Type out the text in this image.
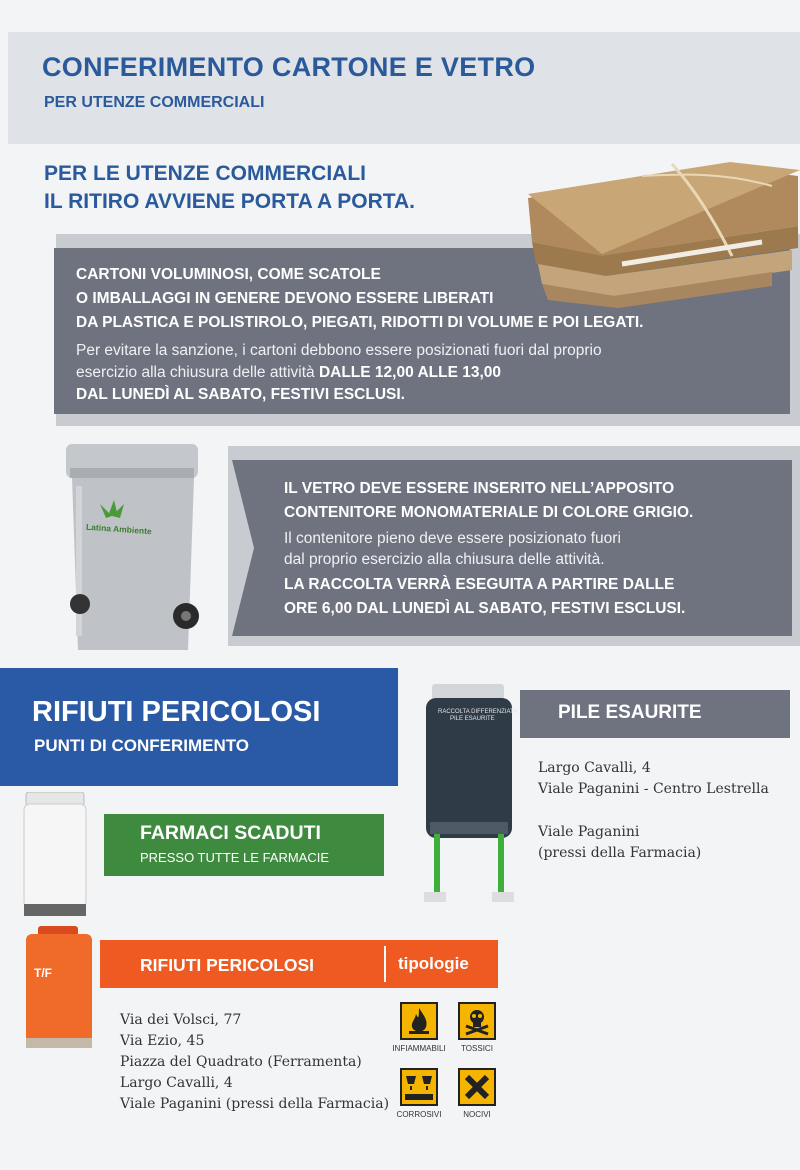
CONFERIMENTO CARTONE E VETRO
PER UTENZE COMMERCIALI
PER LE UTENZE COMMERCIALI
IL RITIRO AVVIENE PORTA A PORTA.
CARTONI VOLUMINOSI, COME SCATOLE
O IMBALLAGGI IN GENERE DEVONO ESSERE LIBERATI
DA PLASTICA E POLISTIROLO, PIEGATI, RIDOTTI DI VOLUME E POI LEGATI.
Per evitare la sanzione, i cartoni debbono essere posizionati fuori dal proprio
esercizio alla chiusura delle attività DALLE 12,00 ALLE 13,00
DAL LUNEDÌ AL SABATO, FESTIVI ESCLUSI.
IL VETRO DEVE ESSERE INSERITO NELL’APPOSITO
CONTENITORE MONOMATERIALE DI COLORE GRIGIO.
Il contenitore pieno deve essere posizionato fuori
dal proprio esercizio alla chiusura delle attività.
LA RACCOLTA VERRÀ ESEGUITA A PARTIRE DALLE
ORE 6,00 DAL LUNEDÌ AL SABATO, FESTIVI ESCLUSI.
Latina Ambiente
RIFIUTI PERICOLOSI
PUNTI DI CONFERIMENTO
RACCOLTA DIFFERENZIATA
PILE ESAURITE	PILE ESAURITE
Largo Cavalli, 4
Viale Paganini - Centro Lestrella
Viale Paganini
(pressi della Farmacia)
FARMACI SCADUTI
PRESSO TUTTE LE FARMACIE
T/F	RIFIUTI PERICOLOSI	tipologie
Via dei Volsci, 77
Via Ezio, 45
Piazza del Quadrato (Ferramenta)
Largo Cavalli, 4
Viale Paganini (pressi della Farmacia)
INFIAMMABILI	TOSSICI
CORROSIVI	NOCIVI
